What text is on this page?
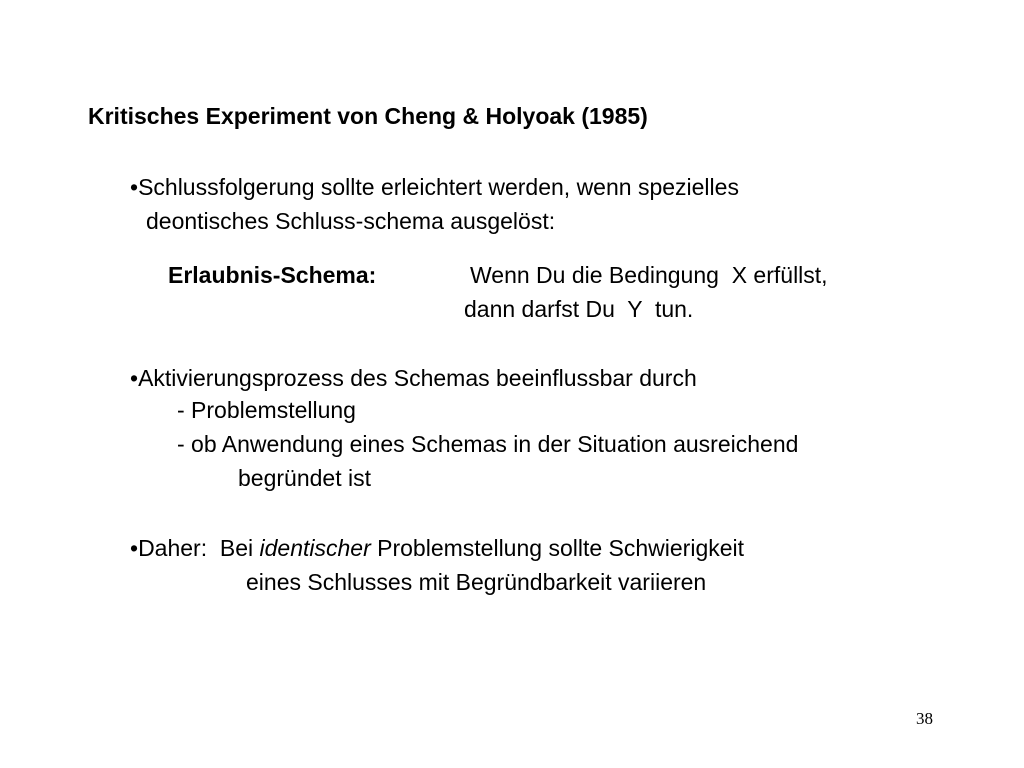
Kritisches Experiment von Cheng & Holyoak (1985)
•Schlussfolgerung sollte erleichtert werden, wenn spezielles
deontisches Schluss-schema ausgelöst:
Erlaubnis-Schema:	Wenn Du die Bedingung  X erfüllst,
dann darfst Du  Y  tun.
•Aktivierungsprozess des Schemas beeinflussbar durch
- Problemstellung
- ob Anwendung eines Schemas in der Situation ausreichend
begründet ist
•Daher:  Bei identischer Problemstellung sollte Schwierigkeit
eines Schlusses mit Begründbarkeit variieren
38
